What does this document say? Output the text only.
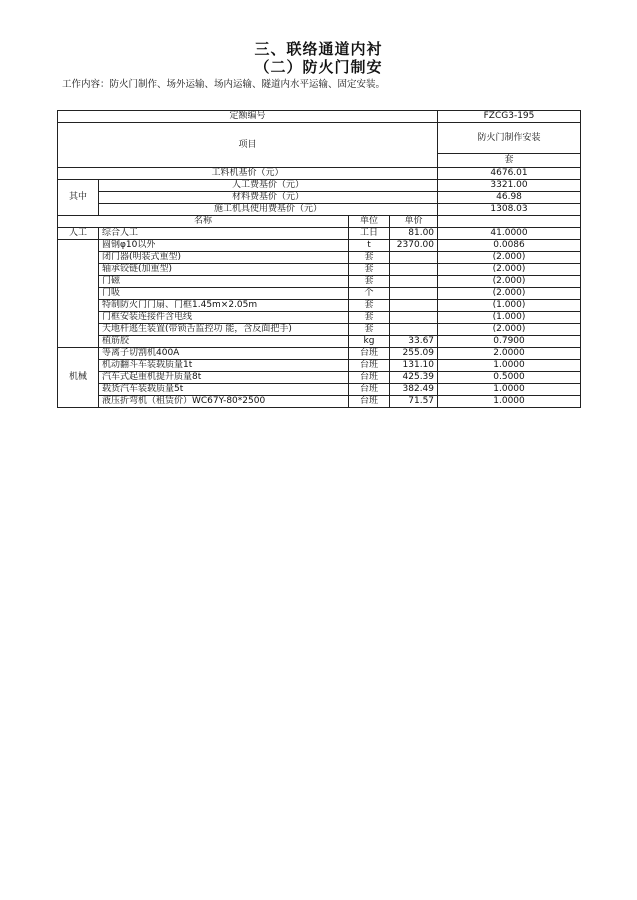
三、联络通道内衬
（二）防火门制安
工作内容：防火门制作、场外运输、场内运输、隧道内水平运输、固定安装。
定额编号				FZCG3-195
项目				防火门制作安装
				套
工料机基价（元）				4676.01
其中	人工费基价（元）			3321.00
	材料费基价（元）			46.98
	施工机具使用费基价（元）			1308.03
名称		单位	单价	
人工	综合人工	工日	81.00	41.0000
	圆钢φ10以外	t	2370.00	0.0086
	闭门器(明装式重型)	套		(2.000)
	轴承铰链(加重型)	套		(2.000)
	门磁	套		(2.000)
	门吸	个		(2.000)
	特制防火门门扇、门框1.45m×2.05m	套		(1.000)
	门框安装连接件含电线	套		(1.000)
	天地杆逃生装置(带锁舌监控功 能，含反面把手)	套		(2.000)
	植筋胶	kg	33.67	0.7900
机械	等离子切割机400A	台班	255.09	2.0000
	机动翻斗车装载质量1t	台班	131.10	1.0000
	汽车式起重机提升质量8t	台班	425.39	0.5000
	载货汽车装载质量5t	台班	382.49	1.0000
	液压折弯机（租赁价）WC67Y-80*2500	台班	71.57	1.0000
